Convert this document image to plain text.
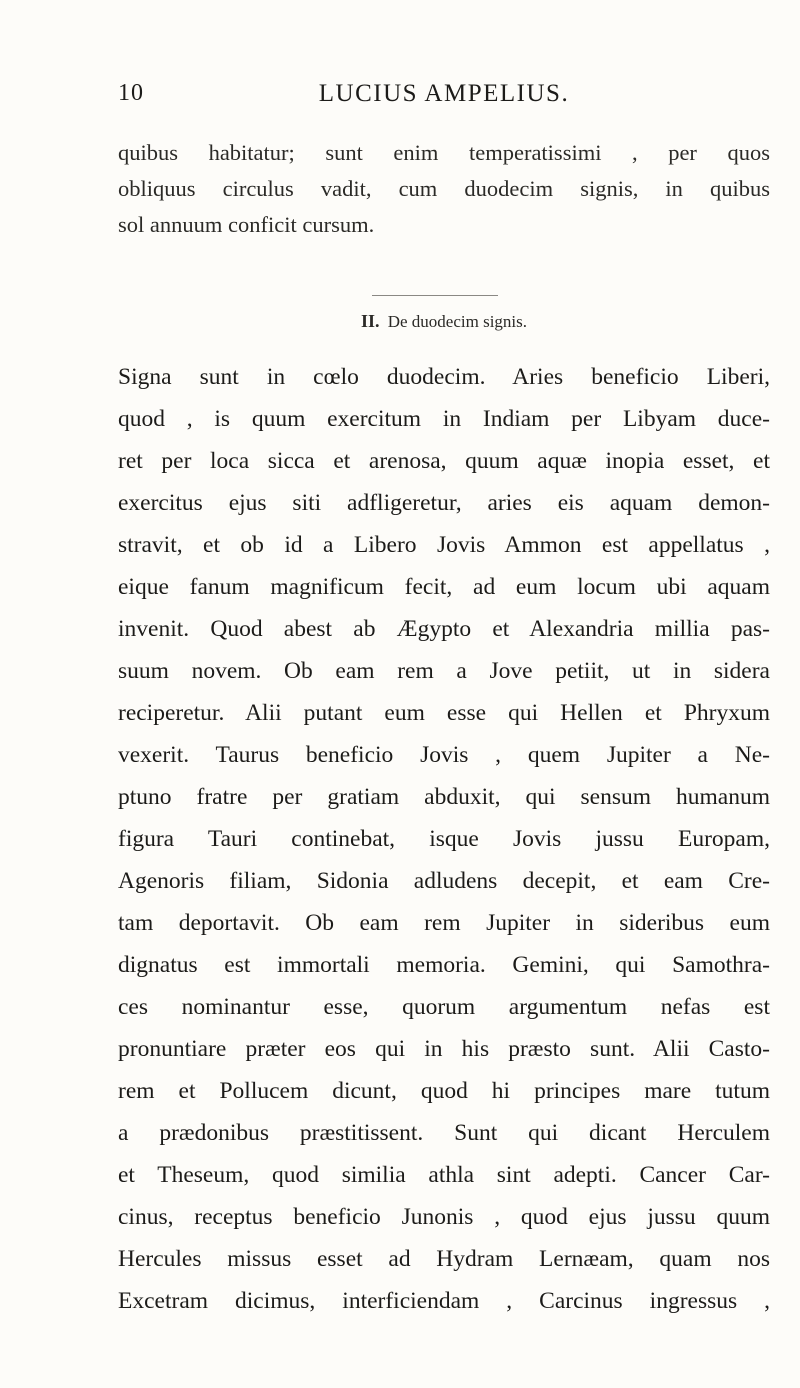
10	LUCIUS AMPELIUS.
quibus habitatur; sunt enim temperatissimi , per quos
obliquus circulus vadit, cum duodecim signis, in quibus
sol annuum conficit cursum.
II. De duodecim signis.
Signa sunt in cœlo duodecim. Aries beneficio Liberi,
quod , is quum exercitum in Indiam per Libyam duce-
ret per loca sicca et arenosa, quum aquæ inopia esset, et
exercitus ejus siti adfligeretur, aries eis aquam demon-
stravit, et ob id a Libero Jovis Ammon est appellatus ,
eique fanum magnificum fecit, ad eum locum ubi aquam
invenit. Quod abest ab Ægypto et Alexandria millia pas-
suum novem. Ob eam rem a Jove petiit, ut in sidera
reciperetur. Alii putant eum esse qui Hellen et Phryxum
vexerit. Taurus beneficio Jovis , quem Jupiter a Ne-
ptuno fratre per gratiam abduxit, qui sensum humanum
figura Tauri continebat, isque Jovis jussu Europam,
Agenoris filiam, Sidonia adludens decepit, et eam Cre-
tam deportavit. Ob eam rem Jupiter in sideribus eum
dignatus est immortali memoria. Gemini, qui Samothra-
ces nominantur esse, quorum argumentum nefas est
pronuntiare præter eos qui in his præsto sunt. Alii Casto-
rem et Pollucem dicunt, quod hi principes mare tutum
a prædonibus præstitissent. Sunt qui dicant Herculem
et Theseum, quod similia athla sint adepti. Cancer Car-
cinus, receptus beneficio Junonis , quod ejus jussu quum
Hercules missus esset ad Hydram Lernæam, quam nos
Excetram dicimus, interficiendam , Carcinus ingressus ,
